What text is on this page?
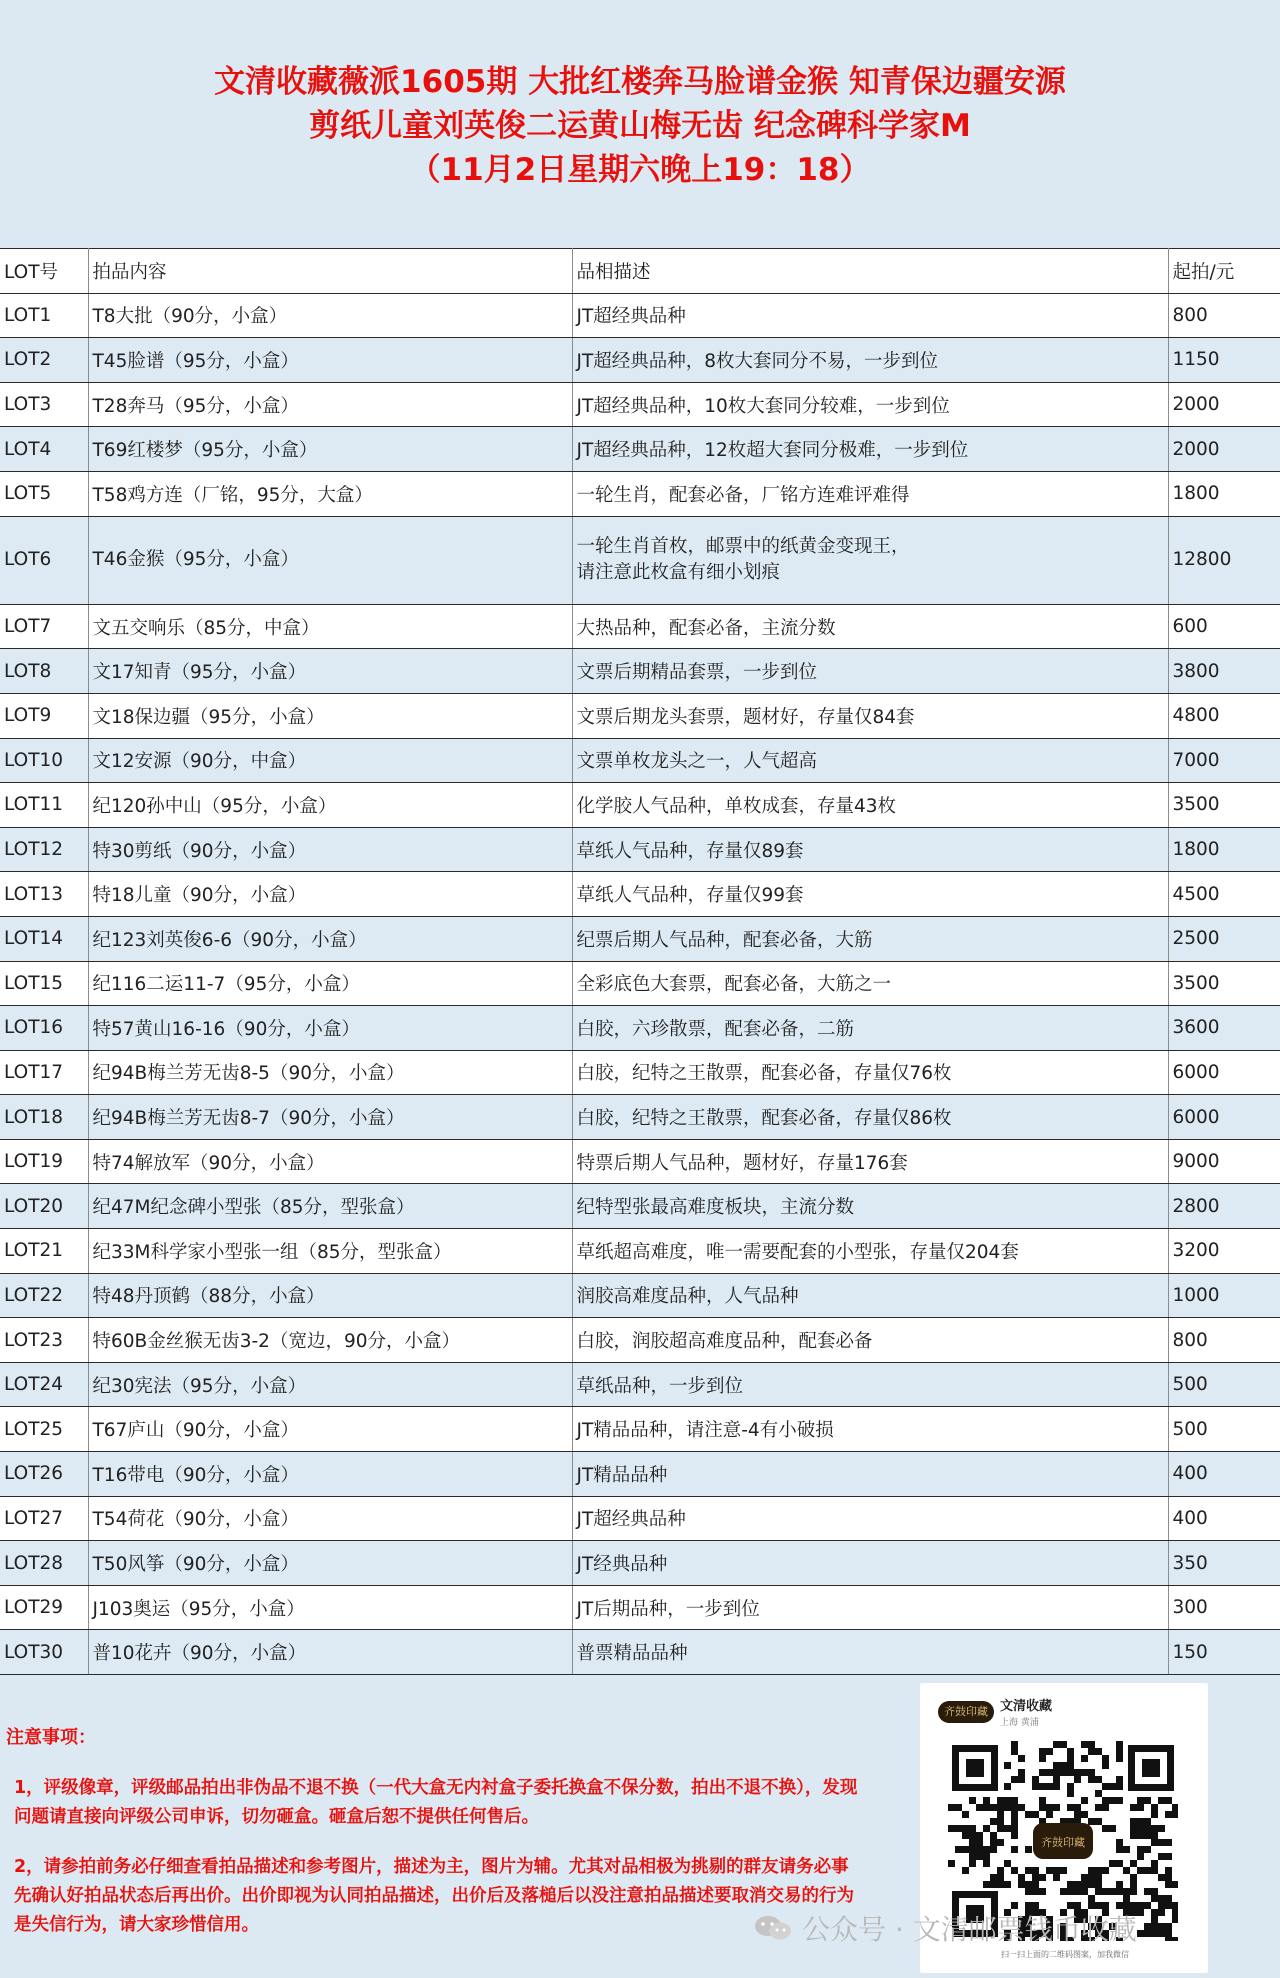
文清收藏薇派1605期 大批红楼奔马脸谱金猴 知青保边疆安源
剪纸儿童刘英俊二运黄山梅无齿 纪念碑科学家M
（11月2日星期六晚上19：18）
LOT号	拍品内容	品相描述	起拍/元
LOT1	T8大批（90分，小盒）	JT超经典品种	800
LOT2	T45脸谱（95分，小盒）	JT超经典品种，8枚大套同分不易，一步到位	1150
LOT3	T28奔马（95分，小盒）	JT超经典品种，10枚大套同分较难，一步到位	2000
LOT4	T69红楼梦（95分，小盒）	JT超经典品种，12枚超大套同分极难，一步到位	2000
LOT5	T58鸡方连（厂铭，95分，大盒）	一轮生肖，配套必备，厂铭方连难评难得	1800
LOT6	T46金猴（95分，小盒）	一轮生肖首枚，邮票中的纸黄金变现王，
请注意此枚盒有细小划痕	12800
LOT7	文五交响乐（85分，中盒）	大热品种，配套必备，主流分数	600
LOT8	文17知青（95分，小盒）	文票后期精品套票，一步到位	3800
LOT9	文18保边疆（95分，小盒）	文票后期龙头套票，题材好，存量仅84套	4800
LOT10	文12安源（90分，中盒）	文票单枚龙头之一，人气超高	7000
LOT11	纪120孙中山（95分，小盒）	化学胶人气品种，单枚成套，存量43枚	3500
LOT12	特30剪纸（90分，小盒）	草纸人气品种，存量仅89套	1800
LOT13	特18儿童（90分，小盒）	草纸人气品种，存量仅99套	4500
LOT14	纪123刘英俊6-6（90分，小盒）	纪票后期人气品种，配套必备，大筋	2500
LOT15	纪116二运11-7（95分，小盒）	全彩底色大套票，配套必备，大筋之一	3500
LOT16	特57黄山16-16（90分，小盒）	白胶，六珍散票，配套必备，二筋	3600
LOT17	纪94B梅兰芳无齿8-5（90分，小盒）	白胶，纪特之王散票，配套必备，存量仅76枚	6000
LOT18	纪94B梅兰芳无齿8-7（90分，小盒）	白胶，纪特之王散票，配套必备，存量仅86枚	6000
LOT19	特74解放军（90分，小盒）	特票后期人气品种，题材好，存量176套	9000
LOT20	纪47M纪念碑小型张（85分，型张盒）	纪特型张最高难度板块，主流分数	2800
LOT21	纪33M科学家小型张一组（85分，型张盒）	草纸超高难度，唯一需要配套的小型张，存量仅204套	3200
LOT22	特48丹顶鹤（88分，小盒）	润胶高难度品种，人气品种	1000
LOT23	特60B金丝猴无齿3-2（宽边，90分，小盒）	白胶，润胶超高难度品种，配套必备	800
LOT24	纪30宪法（95分，小盒）	草纸品种，一步到位	500
LOT25	T67庐山（90分，小盒）	JT精品品种，请注意-4有小破损	500
LOT26	T16带电（90分，小盒）	JT精品品种	400
LOT27	T54荷花（90分，小盒）	JT超经典品种	400
LOT28	T50风筝（90分，小盒）	JT经典品种	350
LOT29	J103奥运（95分，小盒）	JT后期品种，一步到位	300
LOT30	普10花卉（90分，小盒）	普票精品品种	150
注意事项：
1，评级像章，评级邮品拍出非伪品不退不换（一代大盒无内衬盒子委托换盒不保分数，拍出不退不换），发现问题请直接向评级公司申诉，切勿砸盒。砸盒后恕不提供任何售后。
2，请参拍前务必仔细查看拍品描述和参考图片，描述为主，图片为辅。尤其对品相极为挑剔的群友请务必事先确认好拍品状态后再出价。出价即视为认同拍品描述，出价后及落槌后以没注意拍品描述要取消交易的行为是失信行为，请大家珍惜信用。
齐鼓印藏 文清收藏
上海 黄浦
齐鼓印藏
扫一扫上面的二维码图案，加我微信
公众号 · 文清邮票钱币收藏
